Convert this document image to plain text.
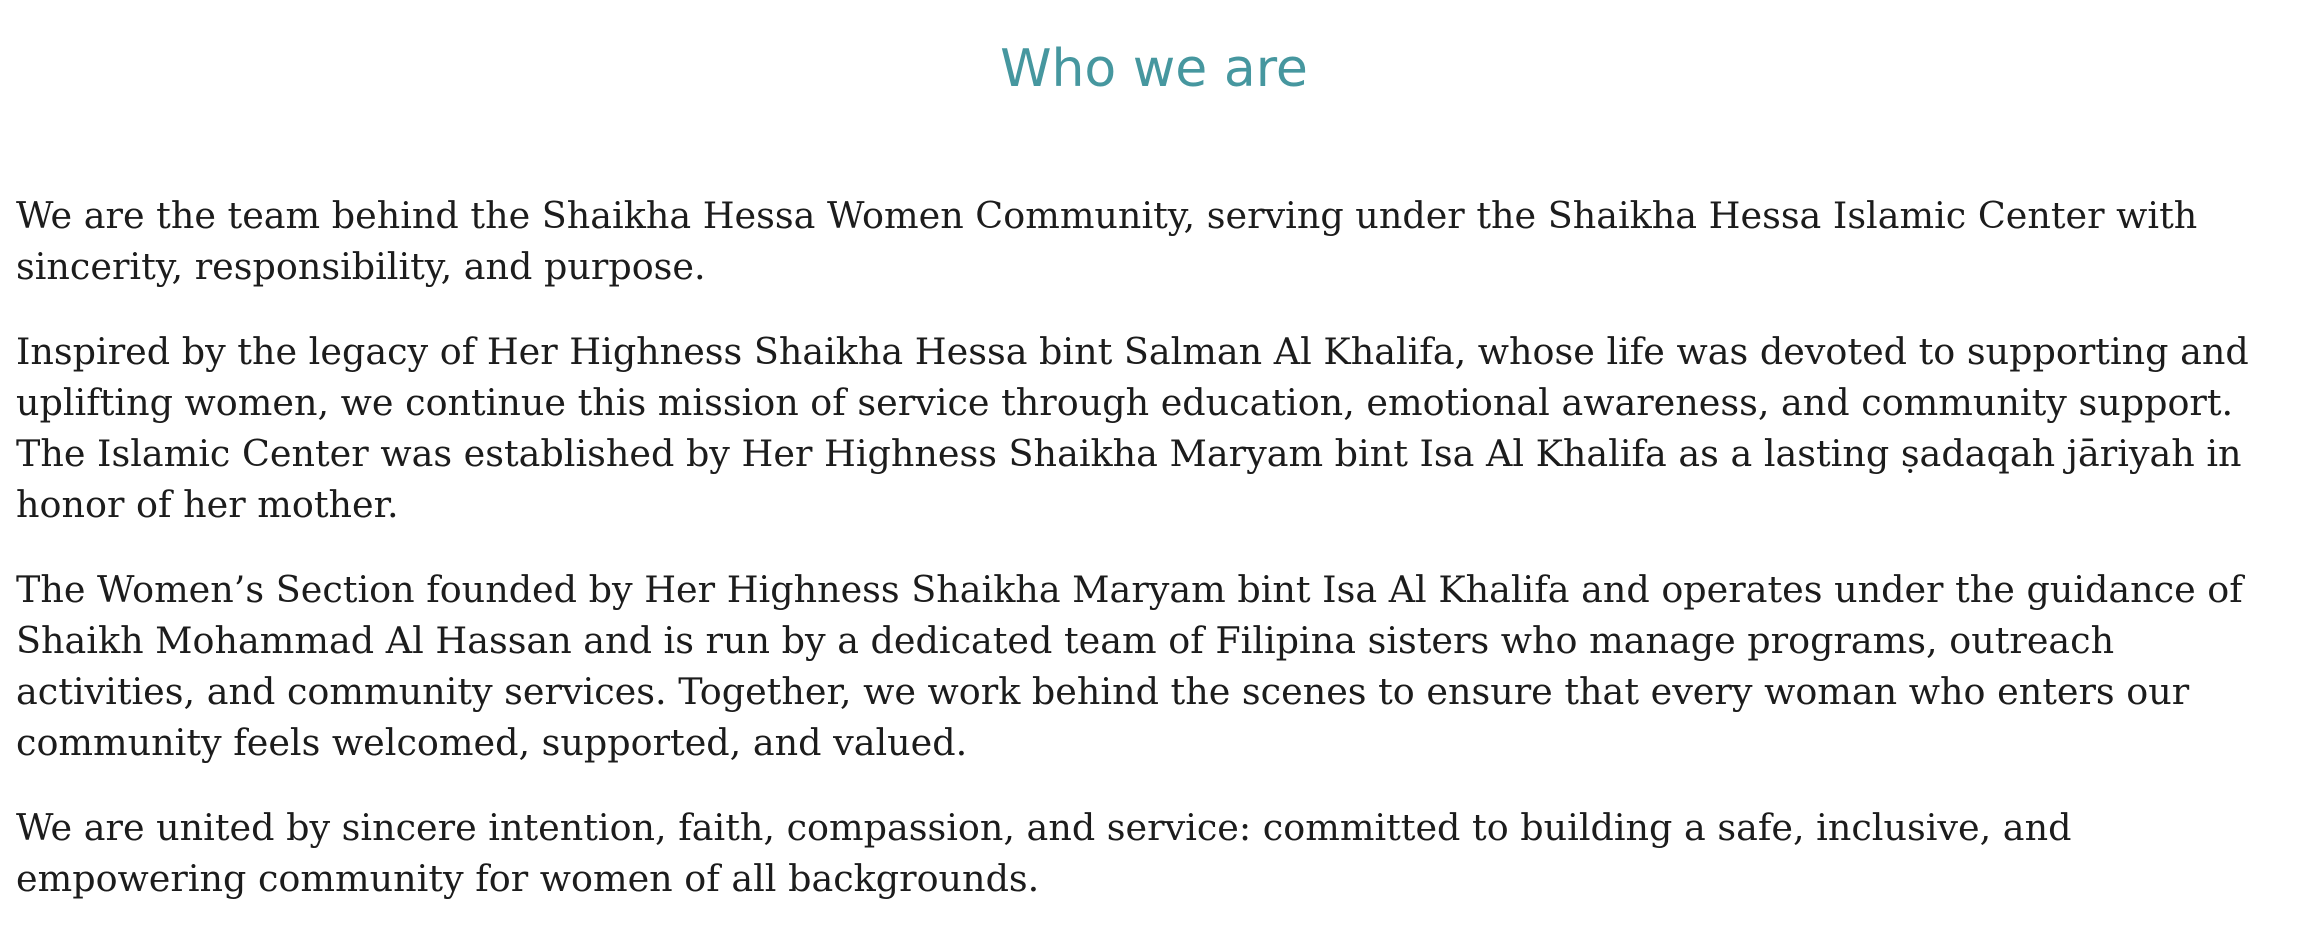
Who we are

We are the team behind the Shaikha Hessa Women Community, serving under the Shaikha Hessa Islamic Center with sincerity, responsibility, and purpose.

Inspired by the legacy of Her Highness Shaikha Hessa bint Salman Al Khalifa, whose life was devoted to supporting and uplifting women, we continue this mission of service through education, emotional awareness, and community support. The Islamic Center was established by Her Highness Shaikha Maryam bint Isa Al Khalifa as a lasting ṣadaqah jāriyah in honor of her mother.

The Women’s Section founded by Her Highness Shaikha Maryam bint Isa Al Khalifa and operates under the guidance of Shaikh Mohammad Al Hassan and is run by a dedicated team of Filipina sisters who manage programs, outreach activities, and community services. Together, we work behind the scenes to ensure that every woman who enters our community feels welcomed, supported, and valued.

We are united by sincere intention, faith, compassion, and service: committed to building a safe, inclusive, and empowering community for women of all backgrounds.
